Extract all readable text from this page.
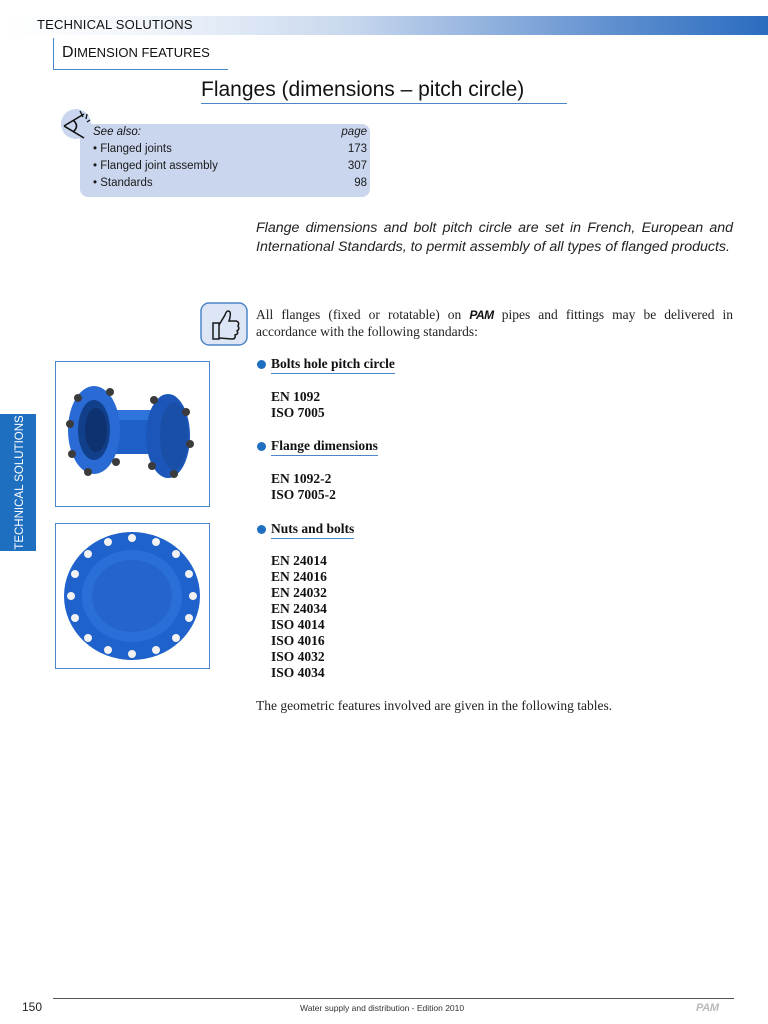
TECHNICAL SOLUTIONS
DIMENSION FEATURES
Flanges (dimensions – pitch circle)
See also:	page
• Flanged joints	173
• Flanged joint assembly	307
• Standards	98
Flange dimensions and bolt pitch circle are set in French, European and International Standards, to permit assembly of all types of flanged products.
All flanges (fixed or rotatable) on PAM pipes and fittings may be delivered in accordance with the following standards:
Bolts hole pitch circle
EN 1092
ISO 7005
Flange dimensions
EN 1092-2
ISO 7005-2
Nuts and bolts
EN 24014
EN 24016
EN 24032
EN 24034
ISO 4014
ISO 4016
ISO 4032
ISO 4034
The geometric features involved are given in the following tables.
TECHNICAL SOLUTIONS
150	Water supply and distribution - Edition 2010	PAM
